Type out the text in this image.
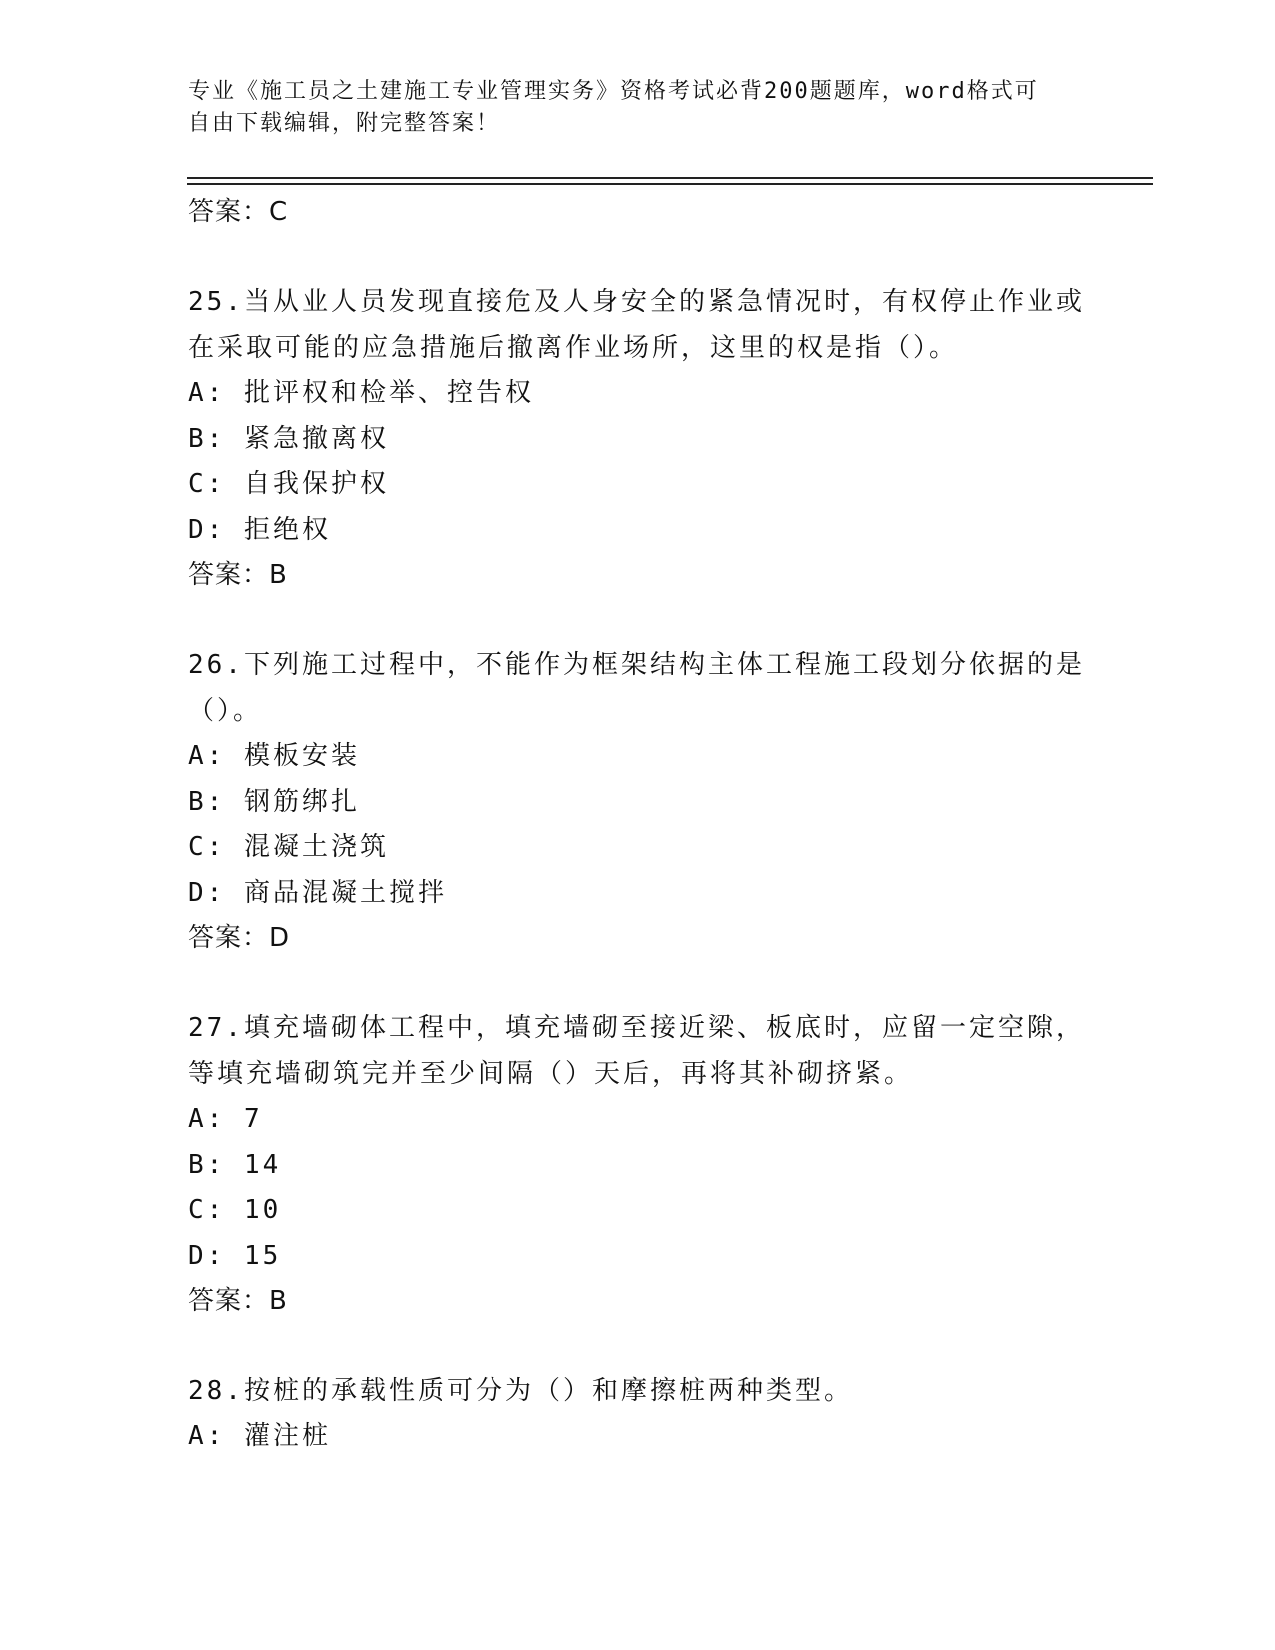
专业《施工员之土建施工专业管理实务》资格考试必背200题题库，word格式可
自由下载编辑，附完整答案！
答案：C
25.当从业人员发现直接危及人身安全的紧急情况时，有权停止作业或
在采取可能的应急措施后撤离作业场所，这里的权是指（）。
A: 批评权和检举、控告权
B: 紧急撤离权
C: 自我保护权
D: 拒绝权
答案：B
26.下列施工过程中，不能作为框架结构主体工程施工段划分依据的是
（）。
A: 模板安装
B: 钢筋绑扎
C: 混凝土浇筑
D: 商品混凝土搅拌
答案：D
27.填充墙砌体工程中，填充墙砌至接近梁、板底时，应留一定空隙，
等填充墙砌筑完并至少间隔（）天后，再将其补砌挤紧。
A: 7
B: 14
C: 10
D: 15
答案：B
28.按桩的承载性质可分为（）和摩擦桩两种类型。
A: 灌注桩
